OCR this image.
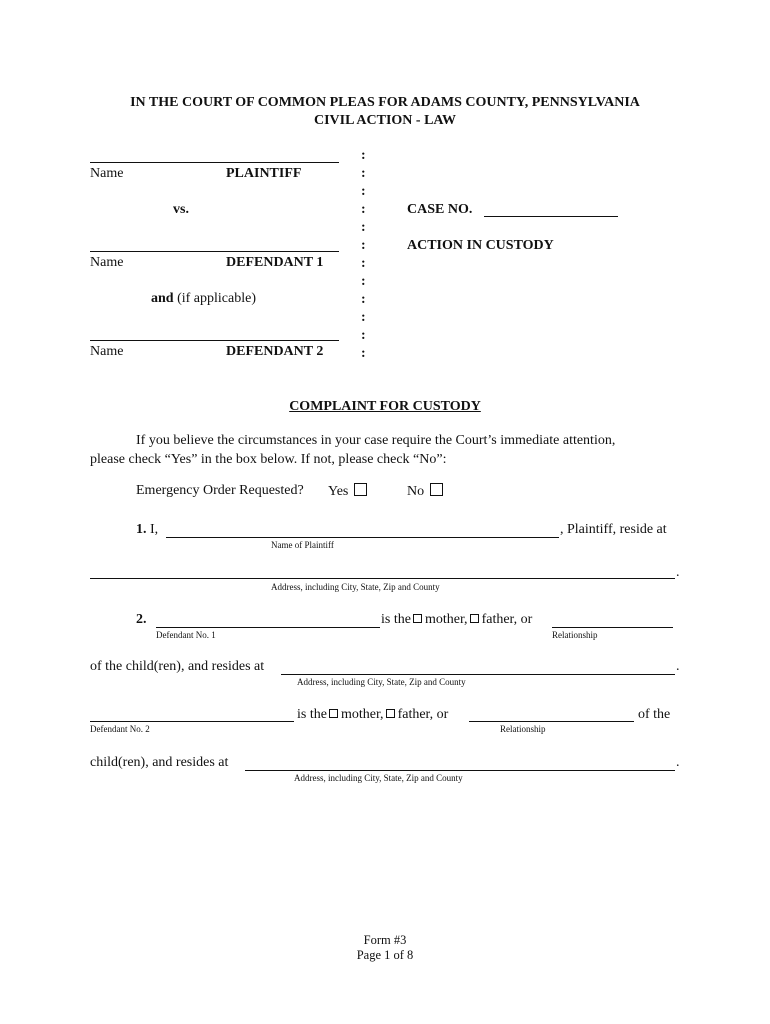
IN THE COURT OF COMMON PLEAS FOR ADAMS COUNTY, PENNSYLVANIA
CIVIL ACTION - LAW
Name	PLAINTIFF
vs.
Name	DEFENDANT 1
and (if applicable)
Name	DEFENDANT 2
:
:
:
:
:
:
:
:
:
:
:
:
CASE NO.
ACTION IN CUSTODY
COMPLAINT FOR CUSTODY
If you believe the circumstances in your case require the Court’s immediate attention,
please check “Yes” in the box below. If not, please check “No”:
Emergency Order Requested? Yes	No
1. I,	, Plaintiff, reside at
Name of Plaintiff
.
Address, including City, State, Zip and County
2.	is the mother, father, or
Defendant No. 1	Relationship
of the child(ren), and resides at	.
Address, including City, State, Zip and County
is the mother, father, or	of the
Defendant No. 2	Relationship
child(ren), and resides at	.
Address, including City, State, Zip and County
Form #3
Page 1 of 8
